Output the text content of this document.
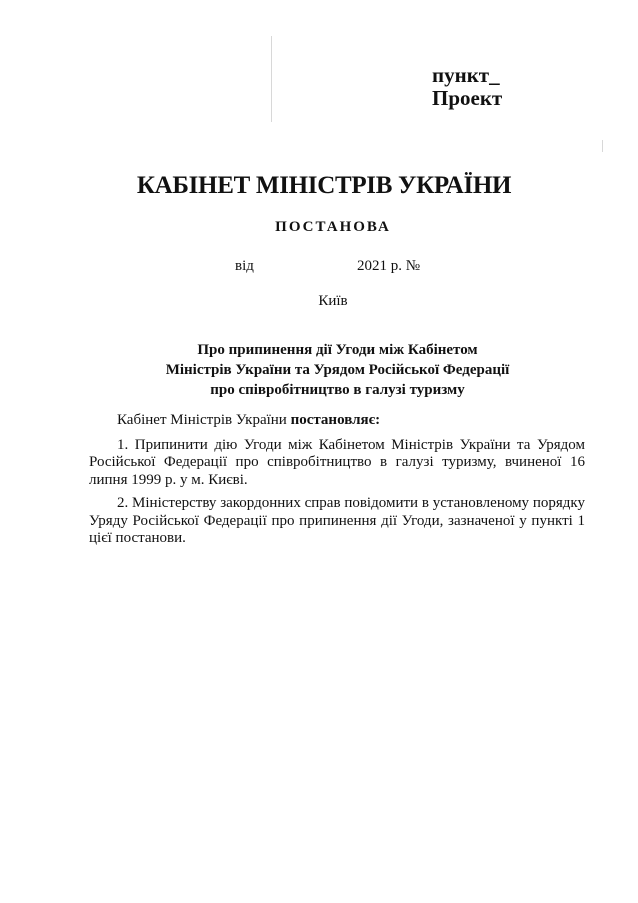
пункт_
Проект
КАБІНЕТ МІНІСТРІВ УКРАЇНИ
ПОСТАНОВА
від	2021 р. №
Київ
Про припинення дії Угоди між Кабінетом
Міністрів України та Урядом Російської Федерації
про співробітництво в галузі туризму

Кабінет Міністрів України постановляє:

1. Припинити дію Угоди між Кабінетом Міністрів України та Урядом Російської Федерації про співробітництво в галузі туризму, вчиненої 16 липня 1999 р. у м. Києві.

2. Міністерству закордонних справ повідомити в установленому порядку Уряду Російської Федерації про припинення дії Угоди, зазначеної у пункті 1 цієї постанови.
